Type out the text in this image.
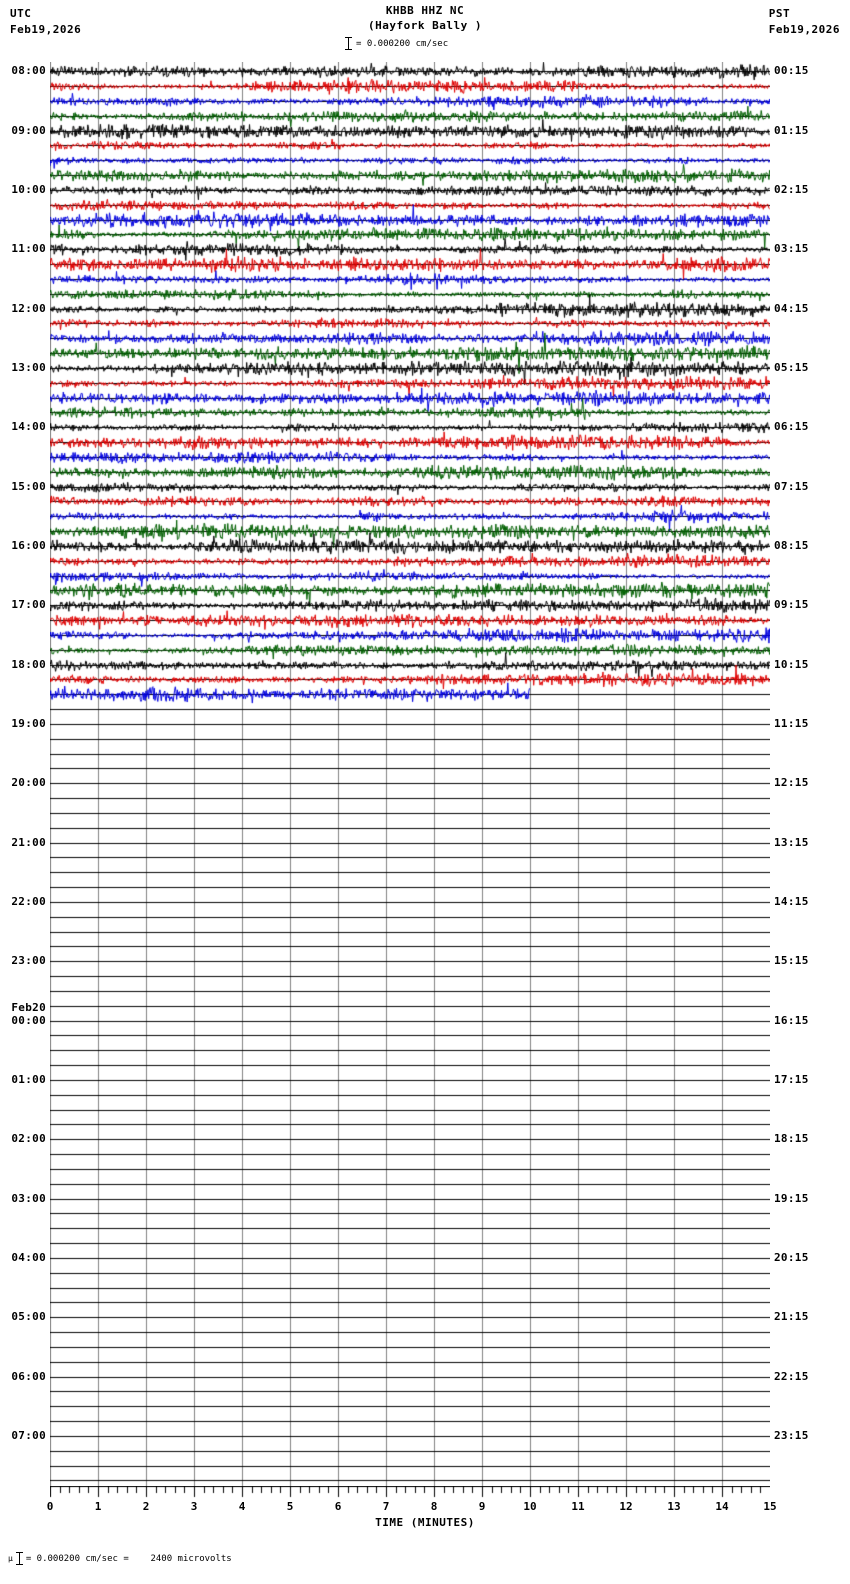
UTC
Feb19,2026
KHBB HHZ NC
(Hayfork Bally )
= 0.000200 cm/sec
PST
Feb19,2026
08:00
09:00
10:00
11:00
12:00
13:00
14:00
15:00
16:00
17:00
18:00
19:00
20:00
21:00
22:00
23:00
00:00
Feb20
01:00
02:00
03:00
04:00
05:00
06:00
07:00
00:15
01:15
02:15
03:15
04:15
05:15
06:15
07:15
08:15
09:15
10:15
11:15
12:15
13:15
14:15
15:15
16:15
17:15
18:15
19:15
20:15
21:15
22:15
23:15
0	1	2	3	4	5	6	7	8	9	10	11	12	13	14	15
TIME (MINUTES)
μ = 0.000200 cm/sec =    2400 microvolts
